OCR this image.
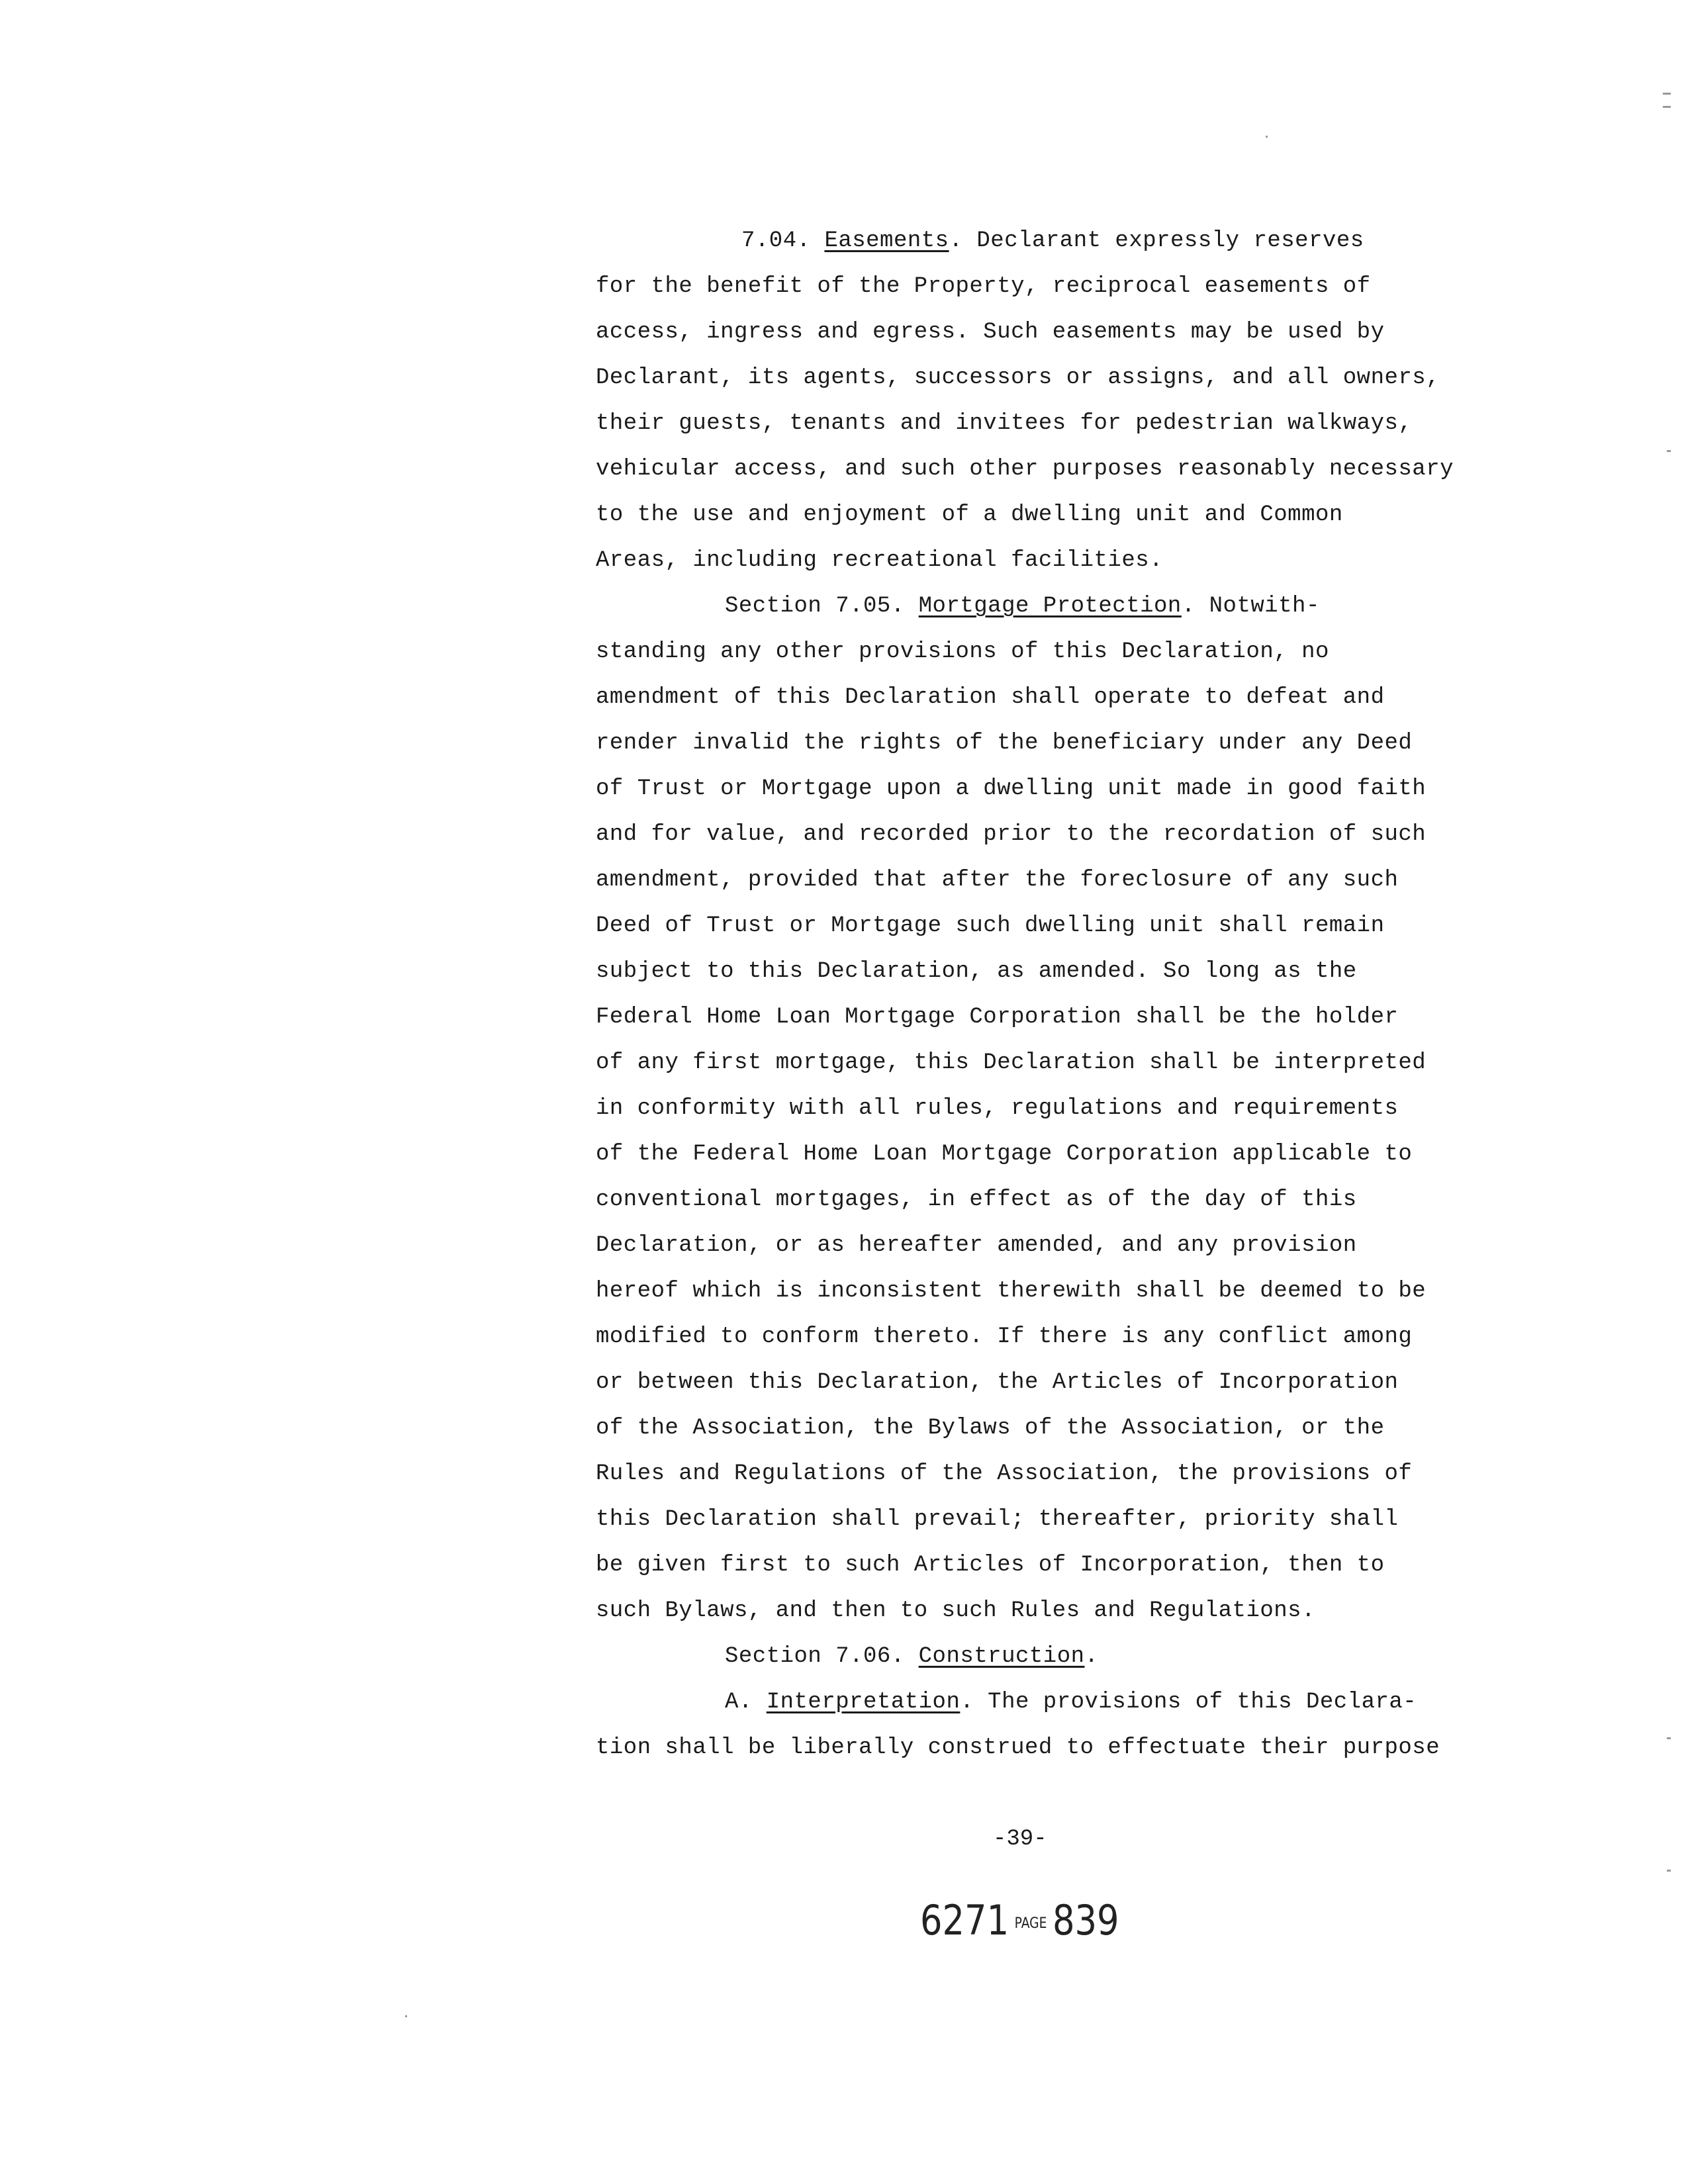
7.04. Easements. Declarant expressly reserves
for the benefit of the Property, reciprocal easements of
access, ingress and egress. Such easements may be used by
Declarant, its agents, successors or assigns, and all owners,
their guests, tenants and invitees for pedestrian walkways,
vehicular access, and such other purposes reasonably necessary
to the use and enjoyment of a dwelling unit and Common
Areas, including recreational facilities.
Section 7.05. Mortgage Protection. Notwith-
standing any other provisions of this Declaration, no
amendment of this Declaration shall operate to defeat and
render invalid the rights of the beneficiary under any Deed
of Trust or Mortgage upon a dwelling unit made in good faith
and for value, and recorded prior to the recordation of such
amendment, provided that after the foreclosure of any such
Deed of Trust or Mortgage such dwelling unit shall remain
subject to this Declaration, as amended. So long as the
Federal Home Loan Mortgage Corporation shall be the holder
of any first mortgage, this Declaration shall be interpreted
in conformity with all rules, regulations and requirements
of the Federal Home Loan Mortgage Corporation applicable to
conventional mortgages, in effect as of the day of this
Declaration, or as hereafter amended, and any provision
hereof which is inconsistent therewith shall be deemed to be
modified to conform thereto. If there is any conflict among
or between this Declaration, the Articles of Incorporation
of the Association, the Bylaws of the Association, or the
Rules and Regulations of the Association, the provisions of
this Declaration shall prevail; thereafter, priority shall
be given first to such Articles of Incorporation, then to
such Bylaws, and then to such Rules and Regulations.
Section 7.06. Construction.
A. Interpretation. The provisions of this Declara-
tion shall be liberally construed to effectuate their purpose
-39-
6271 PAGE 839
